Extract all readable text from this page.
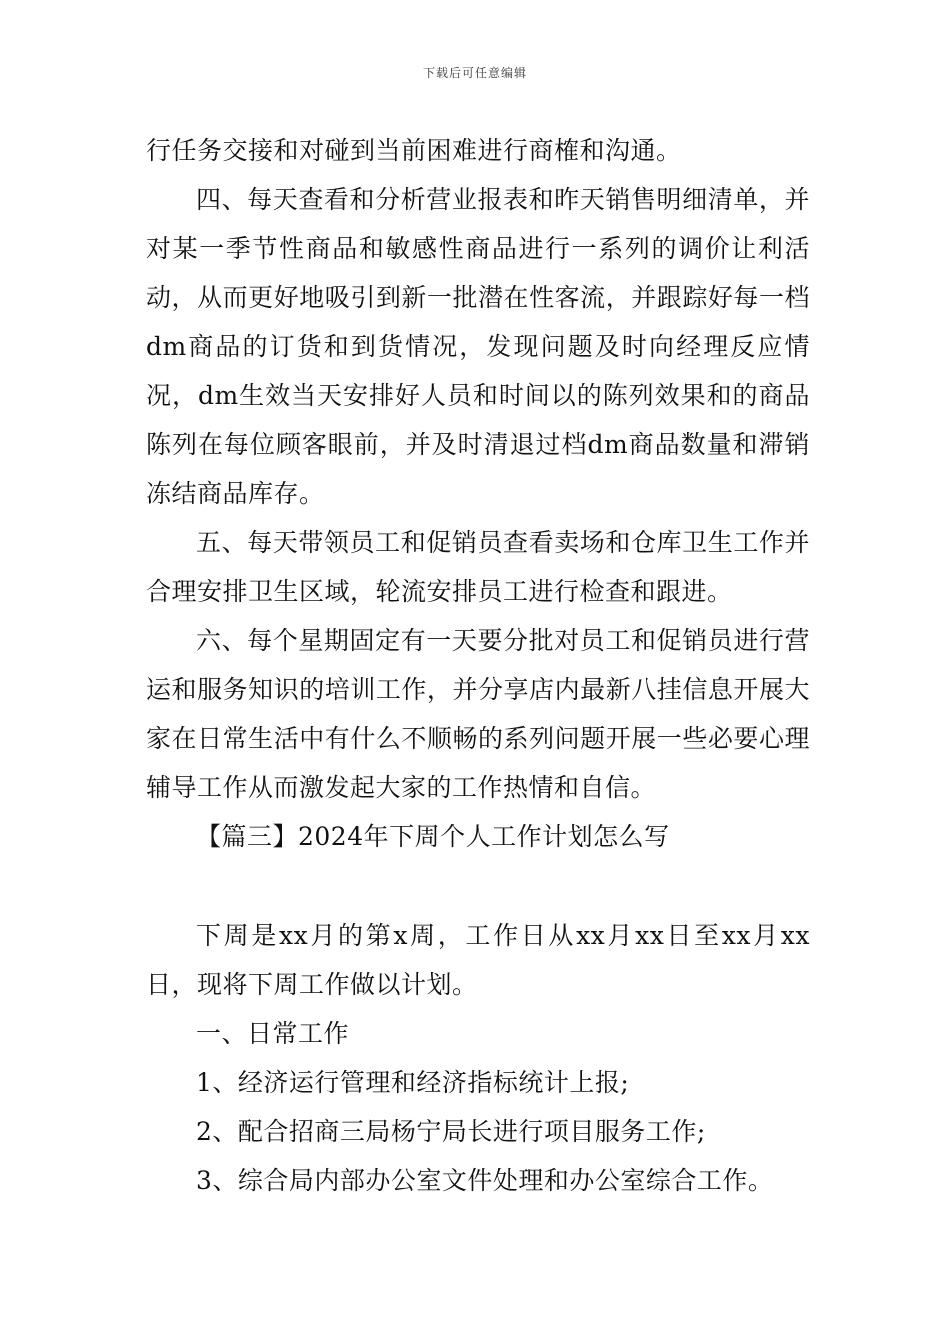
下载后可任意编辑

行任务交接和对碰到当前困难进行商榷和沟通。

四、每天查看和分析营业报表和昨天销售明细清单，并对某一季节性商品和敏感性商品进行一系列的调价让利活动，从而更好地吸引到新一批潜在性客流，并跟踪好每一档dm商品的订货和到货情况，发现问题及时向经理反应情况，dm生效当天安排好人员和时间以的陈列效果和的商品陈列在每位顾客眼前，并及时清退过档dm商品数量和滞销冻结商品库存。

五、每天带领员工和促销员查看卖场和仓库卫生工作并合理安排卫生区域，轮流安排员工进行检查和跟进。

六、每个星期固定有一天要分批对员工和促销员进行营运和服务知识的培训工作，并分享店内最新八挂信息开展大家在日常生活中有什么不顺畅的系列问题开展一些必要心理辅导工作从而激发起大家的工作热情和自信。

【篇三】2024年下周个人工作计划怎么写

下周是xx月的第x周，工作日从xx月xx日至xx月xx日，现将下周工作做以计划。

一、日常工作

1、经济运行管理和经济指标统计上报;

2、配合招商三局杨宁局长进行项目服务工作;

3、综合局内部办公室文件处理和办公室综合工作。
